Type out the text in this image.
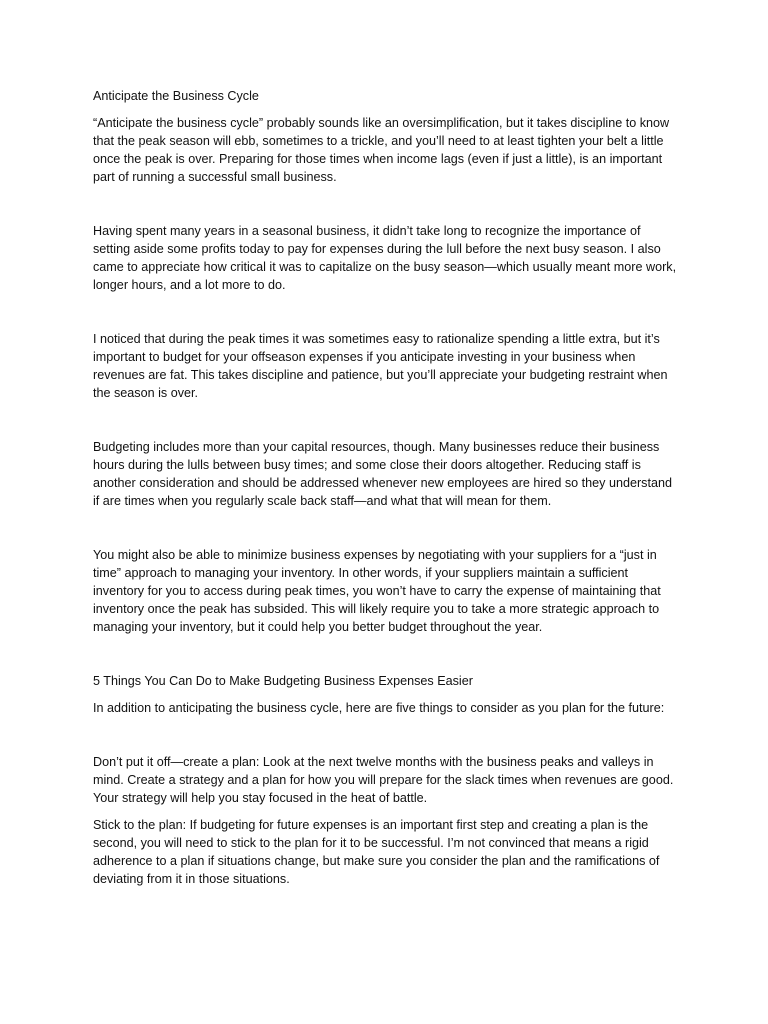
Anticipate the Business Cycle

“Anticipate the business cycle” probably sounds like an oversimplification, but it takes discipline to know that the peak season will ebb, sometimes to a trickle, and you’ll need to at least tighten your belt a little once the peak is over. Preparing for those times when income lags (even if just a little), is an important part of running a successful small business.

Having spent many years in a seasonal business, it didn’t take long to recognize the importance of setting aside some profits today to pay for expenses during the lull before the next busy season. I also came to appreciate how critical it was to capitalize on the busy season—which usually meant more work, longer hours, and a lot more to do.

I noticed that during the peak times it was sometimes easy to rationalize spending a little extra, but it’s important to budget for your offseason expenses if you anticipate investing in your business when revenues are fat. This takes discipline and patience, but you’ll appreciate your budgeting restraint when the season is over.

Budgeting includes more than your capital resources, though. Many businesses reduce their business hours during the lulls between busy times; and some close their doors altogether. Reducing staff is another consideration and should be addressed whenever new employees are hired so they understand if are times when you regularly scale back staff—and what that will mean for them.

You might also be able to minimize business expenses by negotiating with your suppliers for a “just in time” approach to managing your inventory. In other words, if your suppliers maintain a sufficient inventory for you to access during peak times, you won’t have to carry the expense of maintaining that inventory once the peak has subsided. This will likely require you to take a more strategic approach to managing your inventory, but it could help you better budget throughout the year.

5 Things You Can Do to Make Budgeting Business Expenses Easier

In addition to anticipating the business cycle, here are five things to consider as you plan for the future:

Don’t put it off—create a plan: Look at the next twelve months with the business peaks and valleys in mind. Create a strategy and a plan for how you will prepare for the slack times when revenues are good. Your strategy will help you stay focused in the heat of battle.

Stick to the plan: If budgeting for future expenses is an important first step and creating a plan is the second, you will need to stick to the plan for it to be successful. I’m not convinced that means a rigid adherence to a plan if situations change, but make sure you consider the plan and the ramifications of deviating from it in those situations.
